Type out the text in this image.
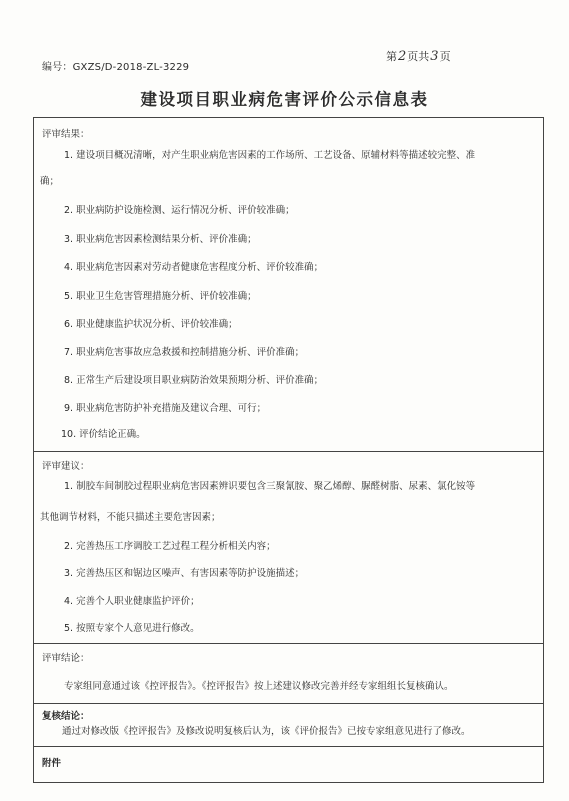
编号：GXZS/D-2018-ZL-3229
第2页共3页
建设项目职业病危害评价公示信息表
评审结果：
1. 建设项目概况清晰，对产生职业病危害因素的工作场所、工艺设备、原辅材料等描述较完整、准
确；
2. 职业病防护设施检测、运行情况分析、评价较准确；
3. 职业病危害因素检测结果分析、评价准确；
4. 职业病危害因素对劳动者健康危害程度分析、评价较准确；
5. 职业卫生危害管理措施分析、评价较准确；
6. 职业健康监护状况分析、评价较准确；
7. 职业病危害事故应急救援和控制措施分析、评价准确；
8. 正常生产后建设项目职业病防治效果预期分析、评价准确；
9. 职业病危害防护补充措施及建议合理、可行；
10. 评价结论正确。
评审建议：
1. 制胶车间制胶过程职业病危害因素辨识要包含三聚氰胺、聚乙烯醇、脲醛树脂、尿素、氯化铵等
其他调节材料，不能只描述主要危害因素；
2. 完善热压工序调胶工艺过程工程分析相关内容；
3. 完善热压区和锯边区噪声、有害因素等防护设施描述；
4. 完善个人职业健康监护评价；
5. 按照专家个人意见进行修改。
评审结论：
专家组同意通过该《控评报告》。《控评报告》按上述建议修改完善并经专家组组长复核确认。
复核结论：
通过对修改版《控评报告》及修改说明复核后认为，该《评价报告》已按专家组意见进行了修改。
附件
